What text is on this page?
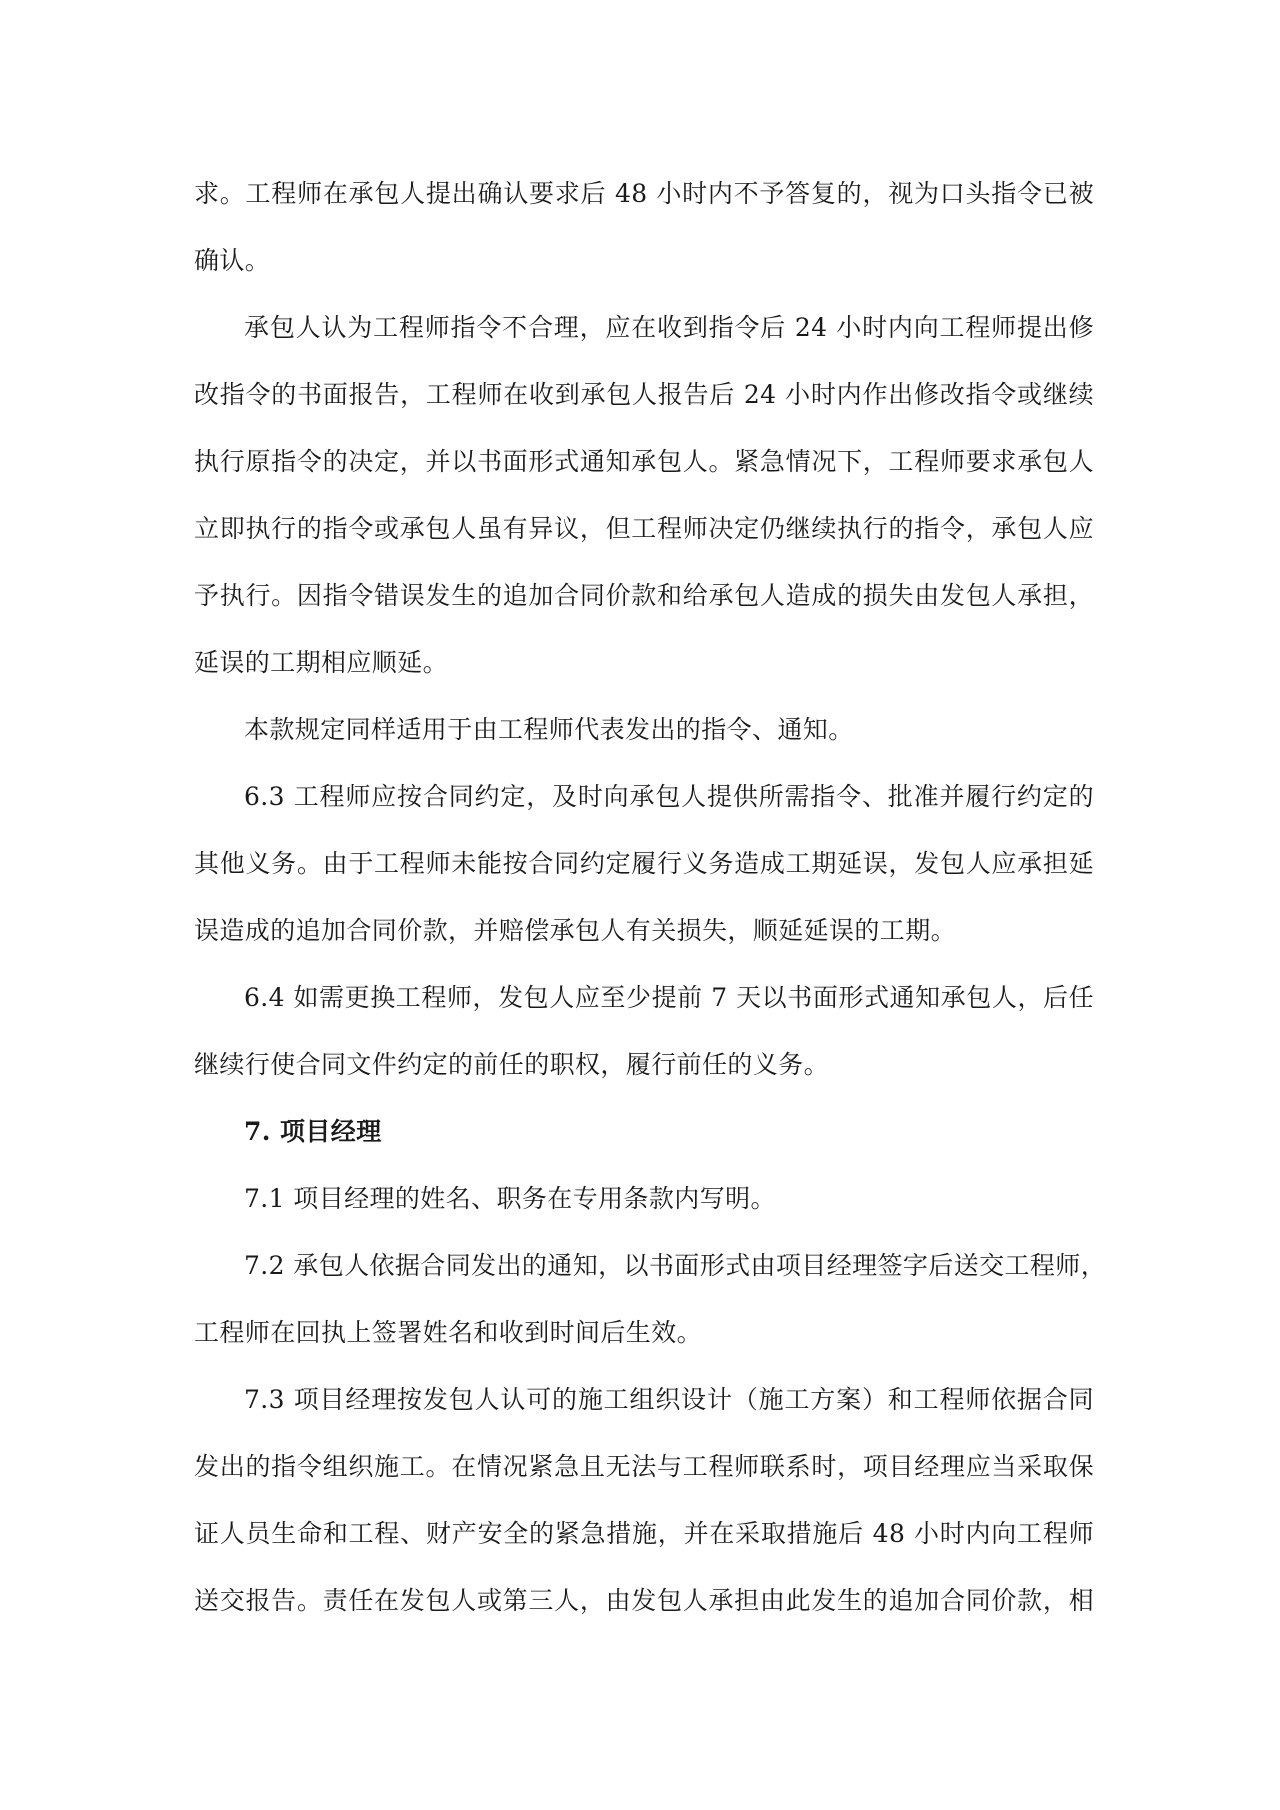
求。工程师在承包人提出确认要求后 48 小时内不予答复的，视为口头指令已被
确认。
承包人认为工程师指令不合理，应在收到指令后 24 小时内向工程师提出修
改指令的书面报告，工程师在收到承包人报告后 24 小时内作出修改指令或继续
执行原指令的决定，并以书面形式通知承包人。紧急情况下，工程师要求承包人
立即执行的指令或承包人虽有异议，但工程师决定仍继续执行的指令，承包人应
予执行。因指令错误发生的追加合同价款和给承包人造成的损失由发包人承担，
延误的工期相应顺延。
本款规定同样适用于由工程师代表发出的指令、通知。
6.3 工程师应按合同约定，及时向承包人提供所需指令、批准并履行约定的
其他义务。由于工程师未能按合同约定履行义务造成工期延误，发包人应承担延
误造成的追加合同价款，并赔偿承包人有关损失，顺延延误的工期。
6.4 如需更换工程师，发包人应至少提前 7 天以书面形式通知承包人，后任
继续行使合同文件约定的前任的职权，履行前任的义务。
7. 项目经理
7.1 项目经理的姓名、职务在专用条款内写明。
7.2 承包人依据合同发出的通知，以书面形式由项目经理签字后送交工程师，
工程师在回执上签署姓名和收到时间后生效。
7.3 项目经理按发包人认可的施工组织设计（施工方案）和工程师依据合同
发出的指令组织施工。在情况紧急且无法与工程师联系时，项目经理应当采取保
证人员生命和工程、财产安全的紧急措施，并在采取措施后 48 小时内向工程师
送交报告。责任在发包人或第三人，由发包人承担由此发生的追加合同价款，相
